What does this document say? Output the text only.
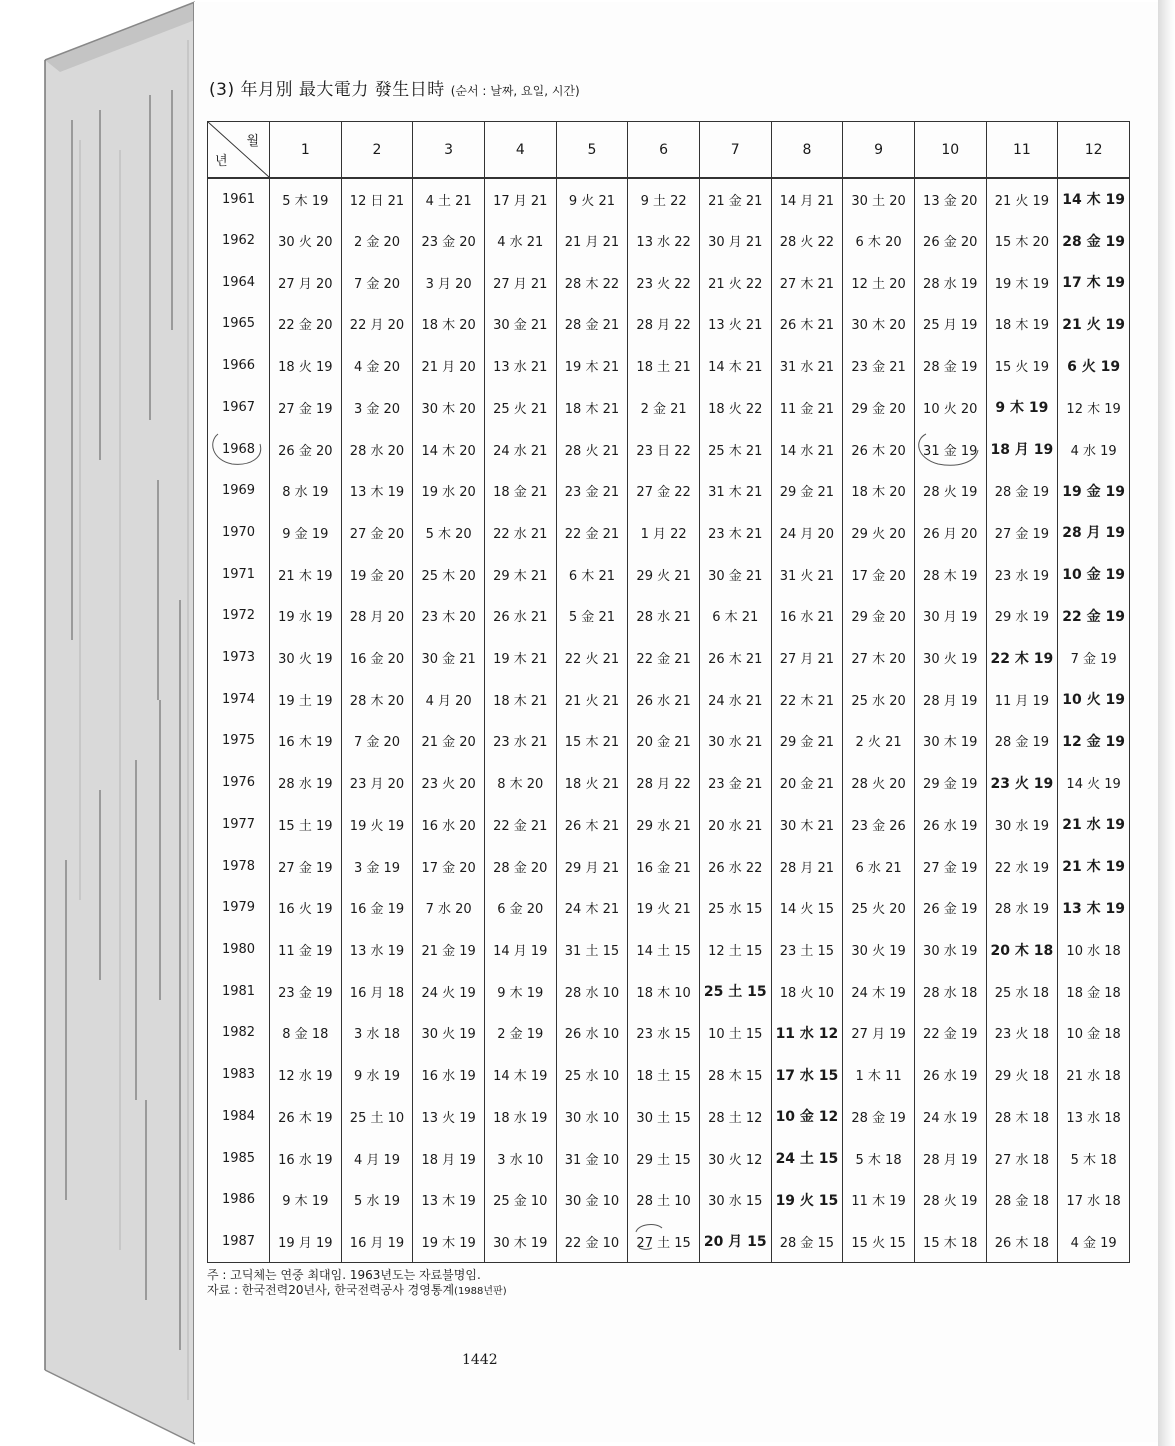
(3) 年月別 最大電力 發生日時 (순서 : 날짜, 요일, 시간)
월
년	1	2	3	4	5	6	7	8	9	10	11	12
1961	5 木 19	12 日 21	4 土 21	17 月 21	9 火 21	9 土 22	21 金 21	14 月 21	30 土 20	13 金 20	21 火 19	14 木 19
1962	30 火 20	2 金 20	23 金 20	4 水 21	21 月 21	13 水 22	30 月 21	28 火 22	6 木 20	26 金 20	15 木 20	28 金 19
1964	27 月 20	7 金 20	3 月 20	27 月 21	28 木 22	23 火 22	21 火 22	27 木 21	12 土 20	28 水 19	19 木 19	17 木 19
1965	22 金 20	22 月 20	18 木 20	30 金 21	28 金 21	28 月 22	13 火 21	26 木 21	30 木 20	25 月 19	18 木 19	21 火 19
1966	18 火 19	4 金 20	21 月 20	13 水 21	19 木 21	18 土 21	14 木 21	31 水 21	23 金 21	28 金 19	15 火 19	6 火 19
1967	27 金 19	3 金 20	30 木 20	25 火 21	18 木 21	2 金 21	18 火 22	11 金 21	29 金 20	10 火 20	9 木 19	12 木 19
1968	26 金 20	28 水 20	14 木 20	24 水 21	28 火 21	23 日 22	25 木 21	14 水 21	26 木 20	31 金 19	18 月 19	4 水 19
1969	8 水 19	13 木 19	19 水 20	18 金 21	23 金 21	27 金 22	31 木 21	29 金 21	18 木 20	28 火 19	28 金 19	19 金 19
1970	9 金 19	27 金 20	5 木 20	22 水 21	22 金 21	1 月 22	23 木 21	24 月 20	29 火 20	26 月 20	27 金 19	28 月 19
1971	21 木 19	19 金 20	25 木 20	29 木 21	6 木 21	29 火 21	30 金 21	31 火 21	17 金 20	28 木 19	23 水 19	10 金 19
1972	19 水 19	28 月 20	23 木 20	26 水 21	5 金 21	28 水 21	6 木 21	16 水 21	29 金 20	30 月 19	29 水 19	22 金 19
1973	30 火 19	16 金 20	30 金 21	19 木 21	22 火 21	22 金 21	26 木 21	27 月 21	27 木 20	30 火 19	22 木 19	7 金 19
1974	19 土 19	28 木 20	4 月 20	18 木 21	21 火 21	26 水 21	24 水 21	22 木 21	25 水 20	28 月 19	11 月 19	10 火 19
1975	16 木 19	7 金 20	21 金 20	23 水 21	15 木 21	20 金 21	30 水 21	29 金 21	2 火 21	30 木 19	28 金 19	12 金 19
1976	28 水 19	23 月 20	23 火 20	8 木 20	18 火 21	28 月 22	23 金 21	20 金 21	28 火 20	29 金 19	23 火 19	14 火 19
1977	15 土 19	19 火 19	16 水 20	22 金 21	26 木 21	29 水 21	20 水 21	30 木 21	23 金 26	26 水 19	30 水 19	21 水 19
1978	27 金 19	3 金 19	17 金 20	28 金 20	29 月 21	16 金 21	26 水 22	28 月 21	6 水 21	27 金 19	22 水 19	21 木 19
1979	16 火 19	16 金 19	7 水 20	6 金 20	24 木 21	19 火 21	25 水 15	14 火 15	25 火 20	26 金 19	28 水 19	13 木 19
1980	11 金 19	13 水 19	21 金 19	14 月 19	31 土 15	14 土 15	12 土 15	23 土 15	30 火 19	30 水 19	20 木 18	10 水 18
1981	23 金 19	16 月 18	24 火 19	9 木 19	28 水 10	18 木 10	25 土 15	18 火 10	24 木 19	28 水 18	25 水 18	18 金 18
1982	8 金 18	3 水 18	30 火 19	2 金 19	26 水 10	23 水 15	10 土 15	11 水 12	27 月 19	22 金 19	23 火 18	10 金 18
1983	12 水 19	9 水 19	16 水 19	14 木 19	25 水 10	18 土 15	28 木 15	17 水 15	1 木 11	26 水 19	29 火 18	21 水 18
1984	26 木 19	25 土 10	13 火 19	18 水 19	30 水 10	30 土 15	28 土 12	10 金 12	28 金 19	24 水 19	28 木 18	13 水 18
1985	16 水 19	4 月 19	18 月 19	3 水 10	31 金 10	29 土 15	30 火 12	24 土 15	5 木 18	28 月 19	27 水 18	5 木 18
1986	9 木 19	5 水 19	13 木 19	25 金 10	30 金 10	28 土 10	30 水 15	19 火 15	11 木 19	28 火 19	28 金 18	17 水 18
1987	19 月 19	16 月 19	19 木 19	30 木 19	22 金 10	27 土 15	20 月 15	28 金 15	15 火 15	15 木 18	26 木 18	4 金 19
주 : 고딕체는 연중 최대임. 1963년도는 자료불명임.
자료 : 한국전력20년사, 한국전력공사 경영통계(1988년판)
1442
